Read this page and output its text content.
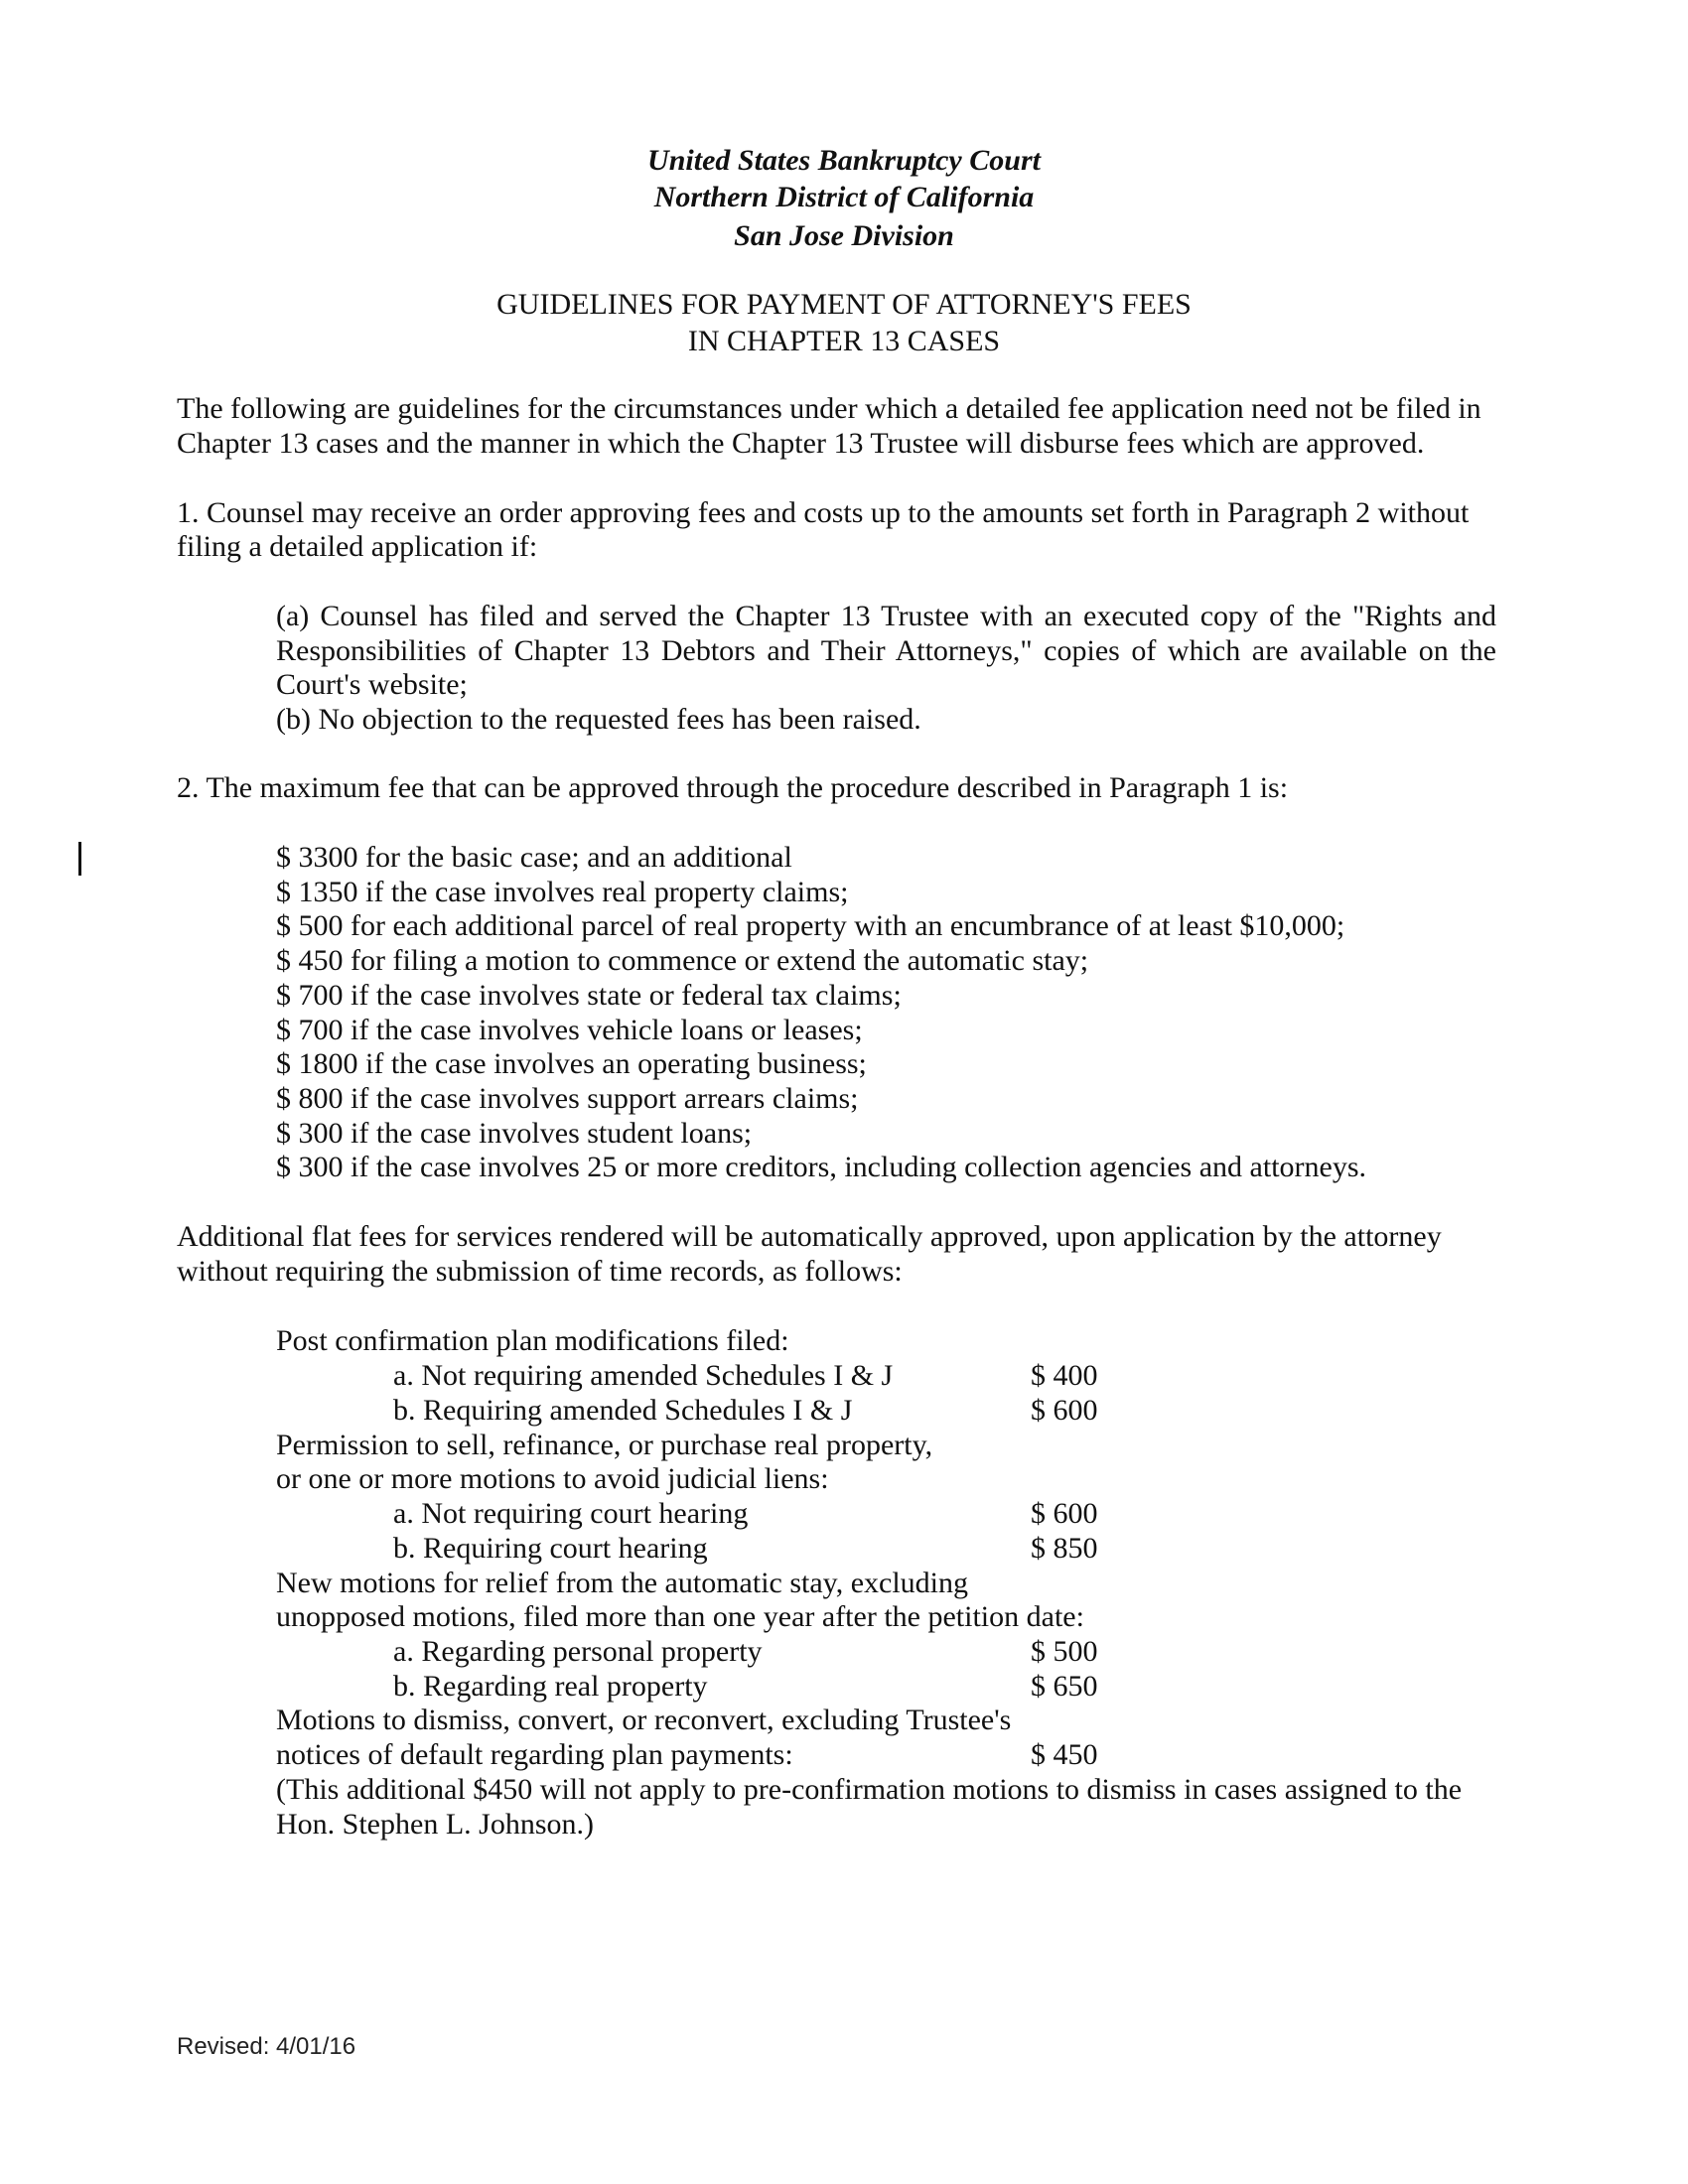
United States Bankruptcy Court
Northern District of California
San Jose Division
GUIDELINES FOR PAYMENT OF ATTORNEY'S FEES
IN CHAPTER 13 CASES
The following are guidelines for the circumstances under which a detailed fee application need not be filed in
Chapter 13 cases and the manner in which the Chapter 13 Trustee will disburse fees which are approved.
1. Counsel may receive an order approving fees and costs up to the amounts set forth in Paragraph 2 without
filing a detailed application if:
(a) Counsel has filed and served the Chapter 13 Trustee with an executed copy of the "Rights and
Responsibilities of Chapter 13 Debtors and Their Attorneys," copies of which are available on the
Court's website;
(b) No objection to the requested fees has been raised.
2. The maximum fee that can be approved through the procedure described in Paragraph 1 is:
$ 3300 for the basic case; and an additional
$ 1350 if the case involves real property claims;
$ 500 for each additional parcel of real property with an encumbrance of at least $10,000;
$ 450 for filing a motion to commence or extend the automatic stay;
$ 700 if the case involves state or federal tax claims;
$ 700 if the case involves vehicle loans or leases;
$ 1800 if the case involves an operating business;
$ 800 if the case involves support arrears claims;
$ 300 if the case involves student loans;
$ 300 if the case involves 25 or more creditors, including collection agencies and attorneys.
Additional flat fees for services rendered will be automatically approved, upon application by the attorney
without requiring the submission of time records, as follows:
Post confirmation plan modifications filed:
a. Not requiring amended Schedules I & J	$ 400
b. Requiring amended Schedules I & J	$ 600
Permission to sell, refinance, or purchase real property,
or one or more motions to avoid judicial liens:
a. Not requiring court hearing	$ 600
b. Requiring court hearing	$ 850
New motions for relief from the automatic stay, excluding
unopposed motions, filed more than one year after the petition date:
a. Regarding personal property	$ 500
b. Regarding real property	$ 650
Motions to dismiss, convert, or reconvert, excluding Trustee's
notices of default regarding plan payments:	$ 450
(This additional $450 will not apply to pre-confirmation motions to dismiss in cases assigned to the
Hon. Stephen L. Johnson.)
Revised: 4/01/16
